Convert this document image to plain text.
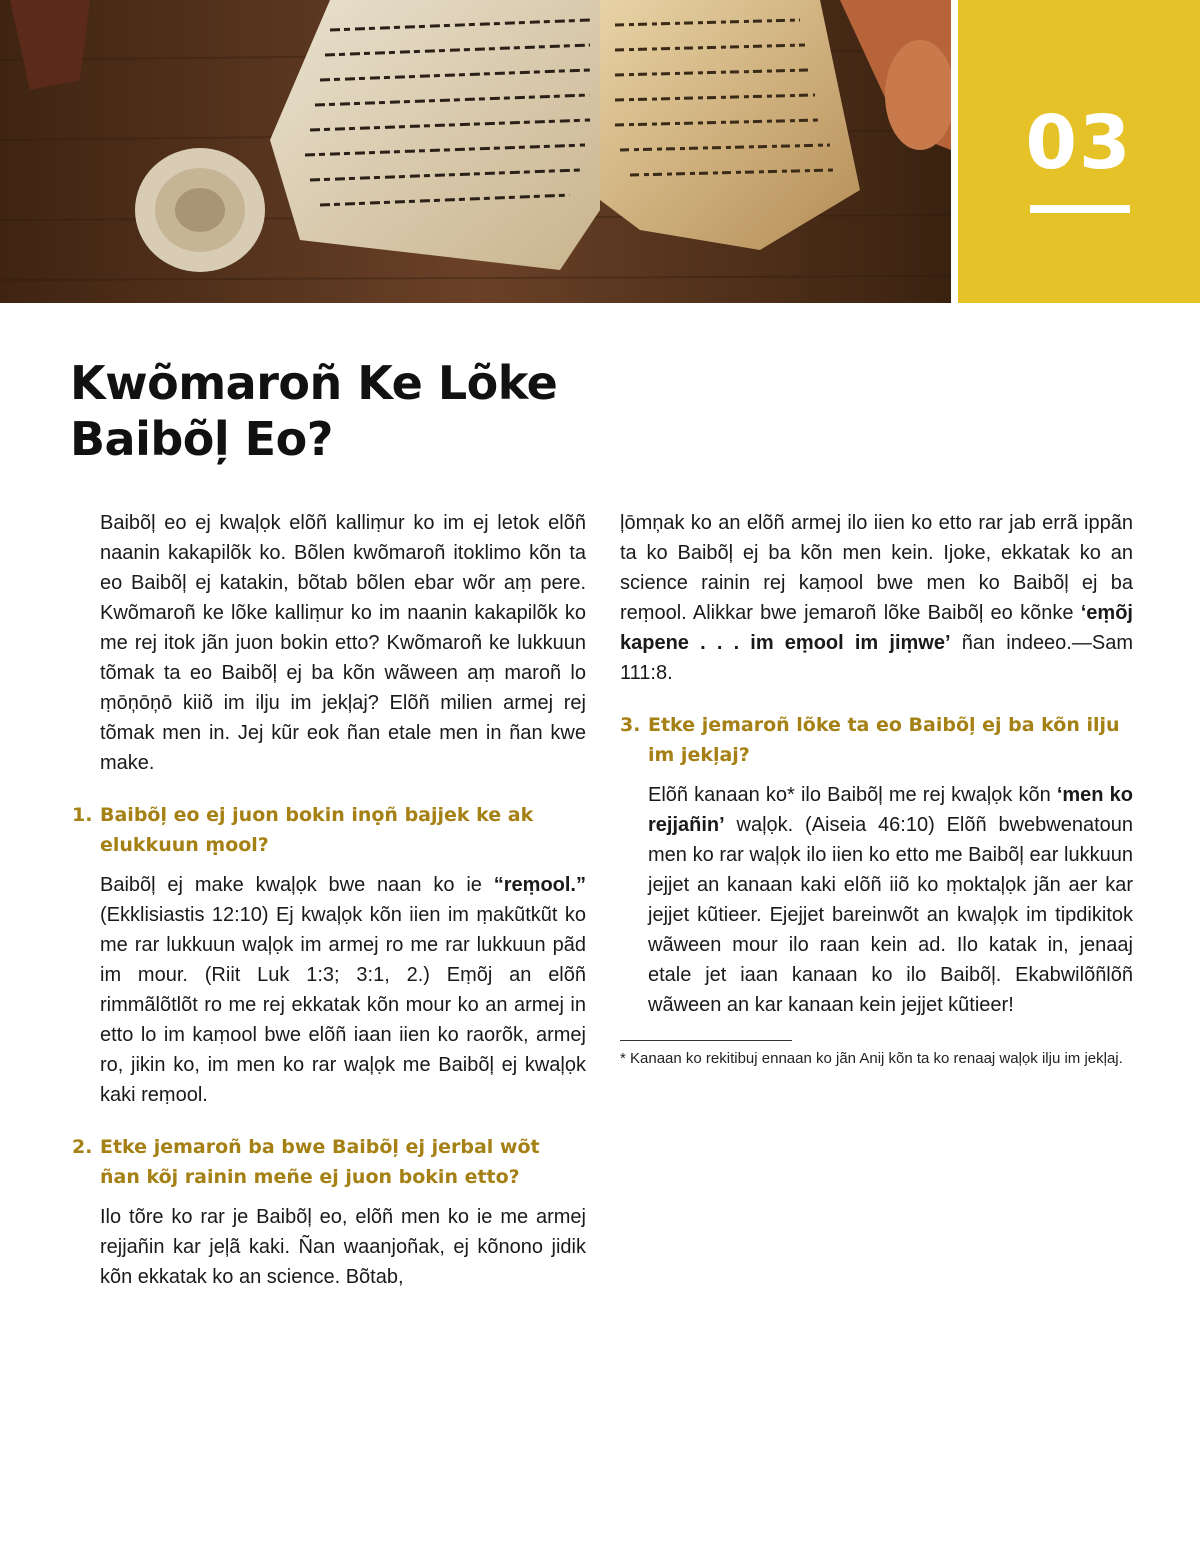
03
Kwõmaroñ Ke Lõke
Baibõļ Eo?

Baibõļ eo ej kwaļọk elõñ kalliṃur ko im ej letok elõñ naanin kakapilõk ko. Bõlen kwõmaroñ itoklimo kõn ta eo Baibõļ ej katakin, bõtab bõlen ebar wõr aṃ pere. Kwõmaroñ ke lõke kalliṃur ko im naanin kakapilõk ko me rej itok jãn juon bokin etto? Kwõmaroñ ke lukkuun tõmak ta eo Baibõļ ej ba kõn wãween aṃ maroñ lo ṃōņōņō kiiõ im ilju im jekļaj? Elõñ milien armej rej tõmak men in. Jej kũr eok ñan etale men in ñan kwe make.

1. Baibõļ eo ej juon bokin inọñ bajjek ke ak elukkuun ṃool?

Baibõļ ej make kwaļọk bwe naan ko ie “reṃool.” (Ekklisiastis 12:10) Ej kwaļọk kõn iien im ṃakũtkũt ko me rar lukkuun waļọk im armej ro me rar lukkuun pãd im mour. (Riit Luk 1:3; 3:1, 2.) Eṃõj an elõñ rimmãlõtlõt ro me rej ekkatak kõn mour ko an armej in etto lo im kaṃool bwe elõñ iaan iien ko raorõk, armej ro, jikin ko, im men ko rar waļọk me Baibõļ ej kwaļọk kaki reṃool.

2. Etke jemaroñ ba bwe Baibõļ ej jerbal wõt ñan kõj rainin meñe ej juon bokin etto?

Ilo tõre ko rar je Baibõļ eo, elõñ men ko ie me armej rejjañin kar jeļã kaki. Ñan waanjoñak, ej kõnono jidik kõn ekkatak ko an science. Bõtab,

ļōmņak ko an elõñ armej ilo iien ko etto rar jab errã ippãn ta ko Baibõļ ej ba kõn men kein. Ijoke, ekkatak ko an science rainin rej kaṃool bwe men ko Baibõļ ej ba reṃool. Alikkar bwe jemaroñ lõke Baibõļ eo kõnke ‘eṃõj kapene . . . im eṃool im jiṃwe’ ñan indeeo.—Sam 111:8.

3. Etke jemaroñ lõke ta eo Baibõļ ej ba kõn ilju im jekļaj?

Elõñ kanaan ko* ilo Baibõļ me rej kwaļọk kõn ‘men ko rejjañin’ waļọk. (Aiseia 46:10) Elõñ bwebwenatoun men ko rar waļọk ilo iien ko etto me Baibõļ ear lukkuun jejjet an kanaan kaki elõñ iiõ ko ṃoktaļọk jãn aer kar jejjet kũtieer. Ejejjet bareinwõt an kwaļọk im tipdikitok wãween mour ilo raan kein ad. Ilo katak in, jenaaj etale jet iaan kanaan ko ilo Baibõļ. Ekabwilõñlõñ wãween an kar kanaan kein jejjet kũtieer!

* Kanaan ko rekitibuj ennaan ko jãn Anij kõn ta ko renaaj waļọk ilju im jekļaj.
